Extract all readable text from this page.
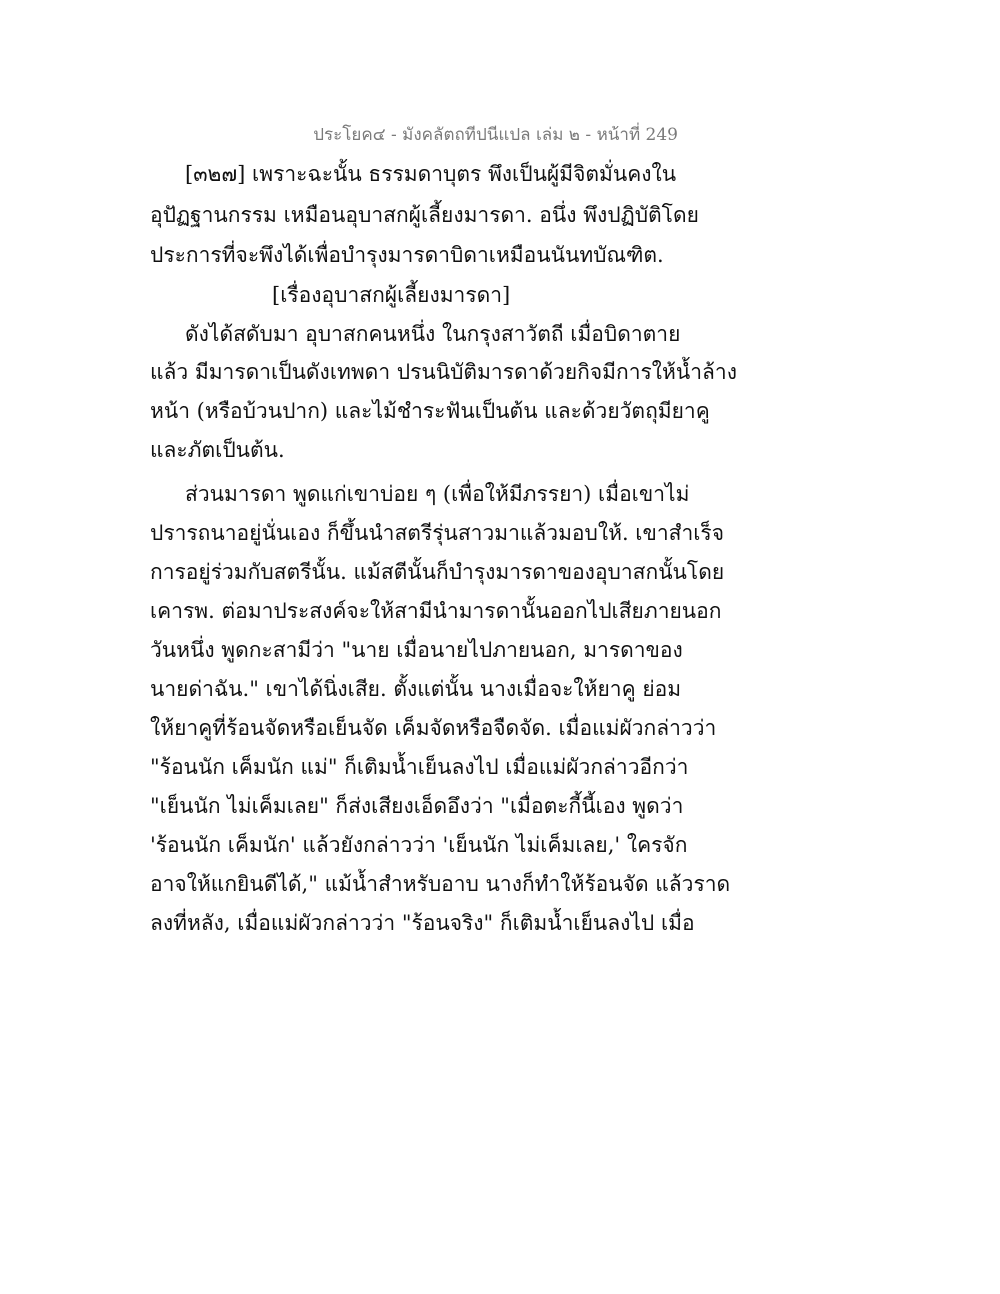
ประโยค๔ - มังคลัตถทีปนีแปล เล่ม ๒ - หน้าที่ 249
[๓๒๗] เพราะฉะนั้น ธรรมดาบุตร พึงเป็นผู้มีจิตมั่นคงใน
อุปัฏฐานกรรม เหมือนอุบาสกผู้เลี้ยงมารดา. อนึ่ง พึงปฏิบัติโดย
ประการที่จะพึงได้เพื่อบำรุงมารดาบิดาเหมือนนันทบัณฑิต.
[เรื่องอุบาสกผู้เลี้ยงมารดา]
ดังได้สดับมา อุบาสกคนหนึ่ง ในกรุงสาวัตถี เมื่อบิดาตาย
แล้ว มีมารดาเป็นดังเทพดา ปรนนิบัติมารดาด้วยกิจมีการให้น้ำล้าง
หน้า (หรือบ้วนปาก) และไม้ชำระฟันเป็นต้น และด้วยวัตถุมียาคู
และภัตเป็นต้น.
ส่วนมารดา พูดแก่เขาบ่อย ๆ (เพื่อให้มีภรรยา) เมื่อเขาไม่
ปรารถนาอยู่นั่นเอง ก็ขึ้นนำสตรีรุ่นสาวมาแล้วมอบให้. เขาสำเร็จ
การอยู่ร่วมกับสตรีนั้น. แม้สตีนั้นก็บำรุงมารดาของอุบาสกนั้นโดย
เคารพ. ต่อมาประสงค์จะให้สามีนำมารดานั้นออกไปเสียภายนอก
วันหนึ่ง พูดกะสามีว่า "นาย เมื่อนายไปภายนอก, มารดาของ
นายด่าฉัน." เขาได้นิ่งเสีย. ตั้งแต่นั้น นางเมื่อจะให้ยาคู ย่อม
ให้ยาคูที่ร้อนจัดหรือเย็นจัด เค็มจัดหรือจืดจัด. เมื่อแม่ผัวกล่าวว่า
"ร้อนนัก เค็มนัก แม่" ก็เติมน้ำเย็นลงไป เมื่อแม่ผัวกล่าวอีกว่า
"เย็นนัก ไม่เค็มเลย" ก็ส่งเสียงเอ็ดอึงว่า "เมื่อตะกี้นี้เอง พูดว่า
'ร้อนนัก เค็มนัก' แล้วยังกล่าวว่า 'เย็นนัก ไม่เค็มเลย,' ใครจัก
อาจให้แกยินดีได้," แม้น้ำสำหรับอาบ นางก็ทำให้ร้อนจัด แล้วราด
ลงที่หลัง, เมื่อแม่ผัวกล่าวว่า "ร้อนจริง" ก็เติมน้ำเย็นลงไป เมื่อ
